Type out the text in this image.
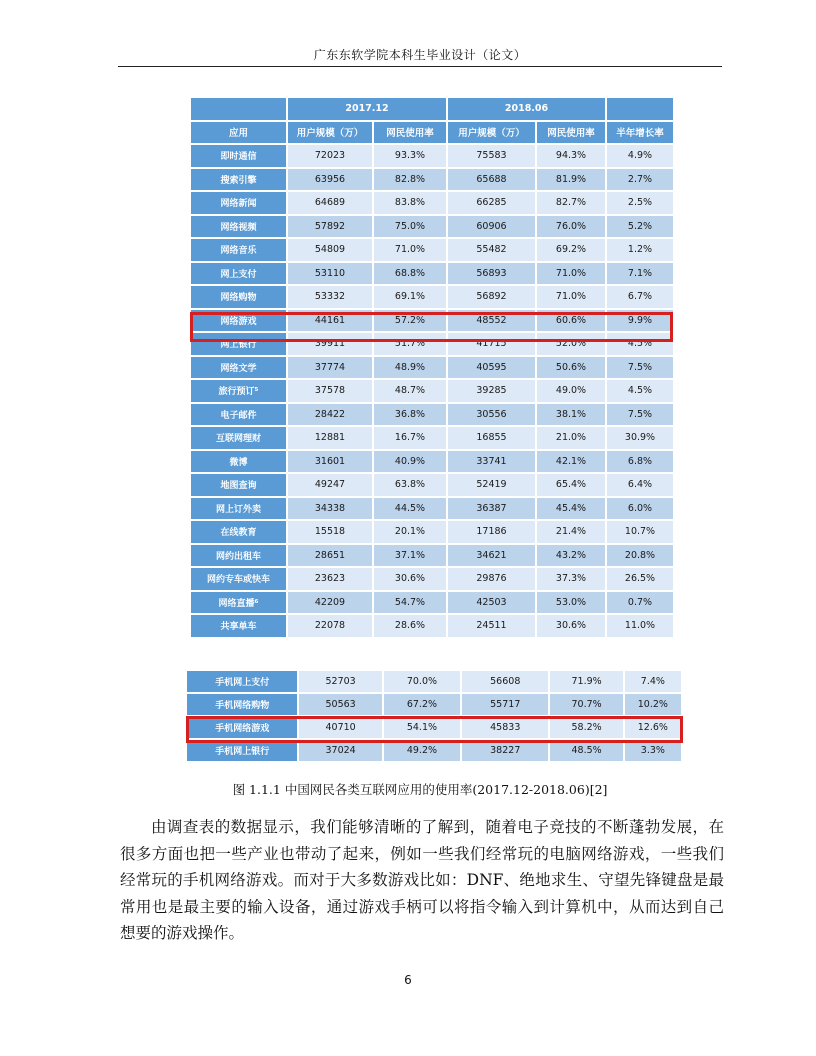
广东东软学院本科生毕业设计（论文）
	2017.12		2018.06		
应用	用户规模（万）	网民使用率	用户规模（万）	网民使用率	半年增长率
即时通信	72023	93.3%	75583	94.3%	4.9%
搜索引擎	63956	82.8%	65688	81.9%	2.7%
网络新闻	64689	83.8%	66285	82.7%	2.5%
网络视频	57892	75.0%	60906	76.0%	5.2%
网络音乐	54809	71.0%	55482	69.2%	1.2%
网上支付	53110	68.8%	56893	71.0%	7.1%
网络购物	53332	69.1%	56892	71.0%	6.7%
网络游戏	44161	57.2%	48552	60.6%	9.9%
网上银行	39911	51.7%	41715	52.0%	4.5%
网络文学	37774	48.9%	40595	50.6%	7.5%
旅行预订⁵	37578	48.7%	39285	49.0%	4.5%
电子邮件	28422	36.8%	30556	38.1%	7.5%
互联网理财	12881	16.7%	16855	21.0%	30.9%
微博	31601	40.9%	33741	42.1%	6.8%
地图查询	49247	63.8%	52419	65.4%	6.4%
网上订外卖	34338	44.5%	36387	45.4%	6.0%
在线教育	15518	20.1%	17186	21.4%	10.7%
网约出租车	28651	37.1%	34621	43.2%	20.8%
网约专车或快车	23623	30.6%	29876	37.3%	26.5%
网络直播⁶	42209	54.7%	42503	53.0%	0.7%
共享单车	22078	28.6%	24511	30.6%	11.0%
手机网上支付	52703	70.0%	56608	71.9%	7.4%
手机网络购物	50563	67.2%	55717	70.7%	10.2%
手机网络游戏	40710	54.1%	45833	58.2%	12.6%
手机网上银行	37024	49.2%	38227	48.5%	3.3%
图 1.1.1 中国网民各类互联网应用的使用率(2017.12-2018.06)[2]

由调查表的数据显示，我们能够清晰的了解到，随着电子竞技的不断蓬勃发展，在很多方面也把一些产业也带动了起来，例如一些我们经常玩的电脑网络游戏，一些我们经常玩的手机网络游戏。而对于大多数游戏比如：DNF、绝地求生、守望先锋键盘是最常用也是最主要的输入设备，通过游戏手柄可以将指令输入到计算机中，从而达到自己想要的游戏操作。

6
